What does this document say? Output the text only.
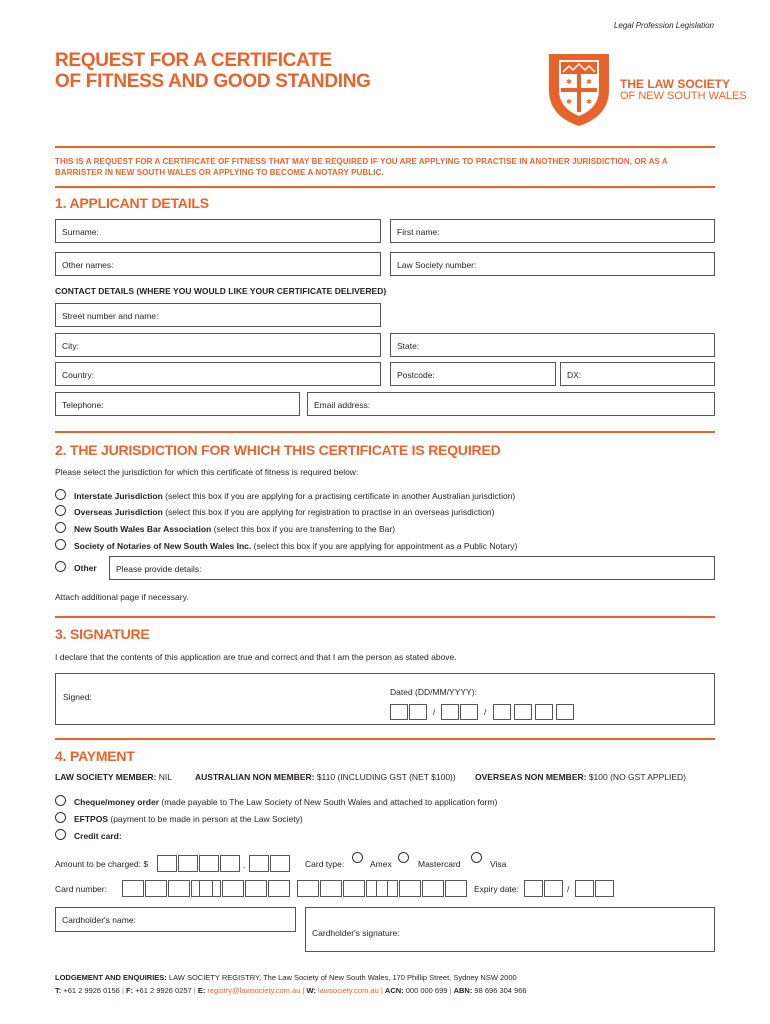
Legal Profession Legislation
REQUEST FOR A CERTIFICATE
OF FITNESS AND GOOD STANDING	✱ ✱
✱ ✱
THE LAW SOCIETY
OF NEW SOUTH WALES
THIS IS A REQUEST FOR A CERTIFICATE OF FITNESS THAT MAY BE REQUIRED IF YOU ARE APPLYING TO PRACTISE IN ANOTHER JURISDICTION, OR AS A BARRISTER IN NEW SOUTH WALES OR APPLYING TO BECOME A NOTARY PUBLIC.
1. APPLICANT DETAILS
Surname:	First name:
Other names:	Law Society number:
CONTACT DETAILS (WHERE YOU WOULD LIKE YOUR CERTIFICATE DELIVERED)
Street number and name:
City:	State:
Country:	Postcode:	DX:
Telephone:	Email address:
2. THE JURISDICTION FOR WHICH THIS CERTIFICATE IS REQUIRED
Please select the jurisdiction for which this certificate of fitness is required below:
Interstate Jurisdiction (select this box if you are applying for a practising certificate in another Australian jurisdiction)
Overseas Jurisdiction (select this box if you are applying for registration to practise in an overseas jurisdiction)
New South Wales Bar Association (select this box if you are transferring to the Bar)
Society of Notaries of New South Wales Inc. (select this box if you are applying for appointment as a Public Notary)
Other	Please provide details:
Attach additional page if necessary.
3. SIGNATURE
I declare that the contents of this application are true and correct and that I am the person as stated above.
Signed:	Dated (DD/MM/YYYY):
/	/
4. PAYMENT
LAW SOCIETY MEMBER: NIL	AUSTRALIAN NON MEMBER: $110 (INCLUDING GST (NET $100)) OVERSEAS NON MEMBER: $100 (NO GST APPLIED)
Cheque/money order (made payable to The Law Society of New South Wales and attached to application form)
EFTPOS (payment to be made in person at the Law Society)
Credit card:
Amount to be charged: $	.	Card type:	Amex	Mastercard	Visa
Card number:	Expiry date:	/
Cardholder's name:
Cardholder's signature:
LODGEMENT AND ENQUIRIES: LAW SOCIETY REGISTRY, The Law Society of New South Wales, 170 Phillip Street, Sydney NSW 2000
T: +61 2 9926 0156 | F: +61 2 9926 0257 | E: registry@lawsociety.com.au | W: lawsociety.com.au | ACN: 000 000 699 | ABN: 98 696 304 966
